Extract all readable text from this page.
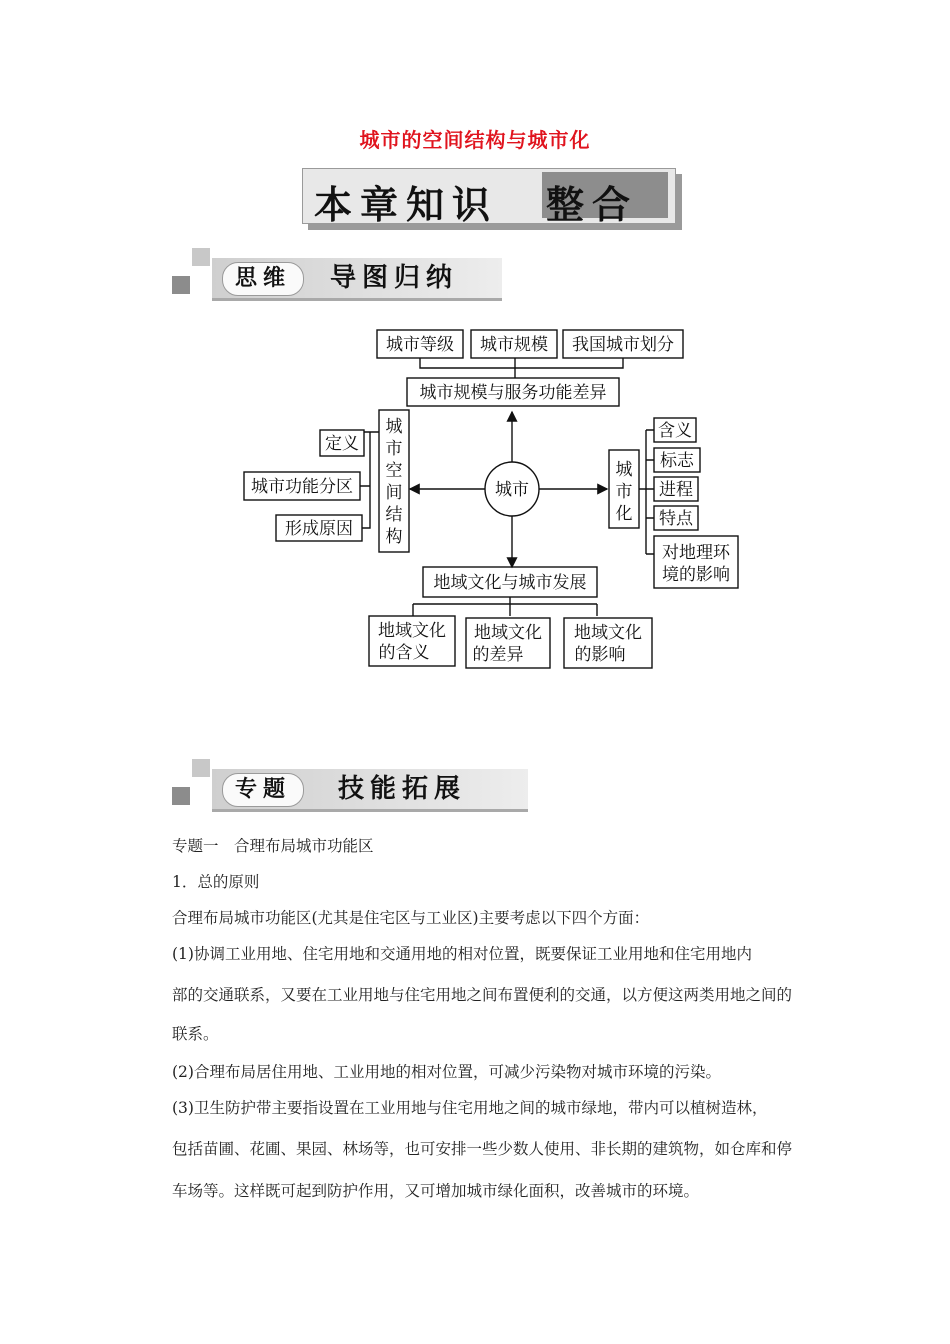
城市的空间结构与城市化
本章知识 整合
思维	导图归纳
城市等级 城市规模 我国城市划分
城市规模与服务功能差异
城市
城
市
空
间
结
构
定义
城市功能分区
形成原因
城
市
化
含义
标志
进程
特点
对地理环
境的影响
地域文化与城市发展
地域文化
的含义
地域文化
的差异
地域文化
的影响
专题	技能拓展
专题一　合理布局城市功能区
1．总的原则
合理布局城市功能区(尤其是住宅区与工业区)主要考虑以下四个方面：
(1)协调工业用地、住宅用地和交通用地的相对位置，既要保证工业用地和住宅用地内
部的交通联系，又要在工业用地与住宅用地之间布置便利的交通，以方便这两类用地之间的
联系。
(2)合理布局居住用地、工业用地的相对位置，可减少污染物对城市环境的污染。
(3)卫生防护带主要指设置在工业用地与住宅用地之间的城市绿地，带内可以植树造林，
包括苗圃、花圃、果园、林场等，也可安排一些少数人使用、非长期的建筑物，如仓库和停
车场等。这样既可起到防护作用，又可增加城市绿化面积，改善城市的环境。
